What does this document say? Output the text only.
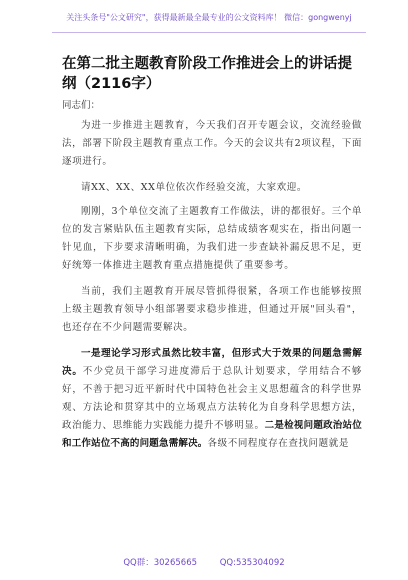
关注头条号"公文研究"，获得最新最全最专业的公文资料库！ 微信：gongwenyj
在第二批主题教育阶段工作推进会上的讲话提纲（2116字）

同志们：

为进一步推进主题教育，今天我们召开专题会议，交流经验做法，部署下阶段主题教育重点工作。今天的会议共有2项议程，下面逐项进行。

请XX、XX、XX单位依次作经验交流，大家欢迎。

刚刚，3个单位交流了主题教育工作做法，讲的都很好。三个单位的发言紧贴队伍主题教育实际，总结成绩客观实在，指出问题一针见血，下步要求清晰明确，为我们进一步查缺补漏反思不足，更好统筹一体推进主题教育重点措施提供了重要参考。

当前，我们主题教育开展尽管抓得很紧，各项工作也能够按照上级主题教育领导小组部署要求稳步推进，但通过开展"回头看"，也还存在不少问题需要解决。

一是理论学习形式虽然比较丰富，但形式大于效果的问题急需解决。不少党员干部学习进度滞后于总队计划要求，学用结合不够好，不善于把习近平新时代中国特色社会主义思想蕴含的科学世界观、方法论和贯穿其中的立场观点方法转化为自身科学思想方法，政治能力、思维能力实践能力提升不够明显。二是检视问题政治站位和工作站位不高的问题急需解决。各级不同程度存在查找问题就是

QQ群：30265665	QQ:535304092
